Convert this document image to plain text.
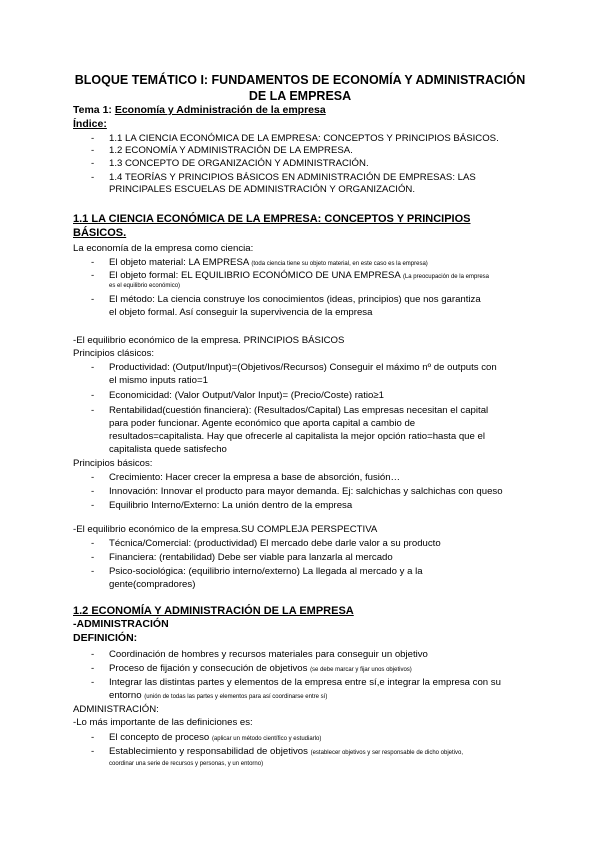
BLOQUE TEMÁTICO I: FUNDAMENTOS DE ECONOMÍA Y ADMINISTRACIÓN
DE LA EMPRESA
Tema 1: Economía y Administración de la empresa
Índice:
- 1.1 LA CIENCIA ECONÓMICA DE LA EMPRESA: CONCEPTOS Y PRINCIPIOS BÁSICOS.
- 1.2 ECONOMÍA Y ADMINISTRACIÓN DE LA EMPRESA.
- 1.3 CONCEPTO DE ORGANIZACIÓN Y ADMINISTRACIÓN.
- 1.4 TEORÍAS Y PRINCIPIOS BÁSICOS EN ADMINISTRACIÓN DE EMPRESAS: LAS
PRINCIPALES ESCUELAS DE ADMINISTRACIÓN Y ORGANIZACIÓN.
1.1 LA CIENCIA ECONÓMICA DE LA EMPRESA: CONCEPTOS Y PRINCIPIOS
BÁSICOS.
La economía de la empresa como ciencia:
- El objeto material: LA EMPRESA (toda ciencia tiene su objeto material, en este caso es la empresa)
- El objeto formal: EL EQUILIBRIO ECONÓMICO DE UNA EMPRESA (La preocupación de la empresa
es el equilibrio económico)
- El método: La ciencia construye los conocimientos (ideas, principios) que nos garantiza
el objeto formal. Así conseguir la supervivencia de la empresa
-El equilibrio económico de la empresa. PRINCIPIOS BÁSICOS
Principios clásicos:
- Productividad: (Output/Input)=(Objetivos/Recursos) Conseguir el máximo nº de outputs con
el mismo inputs ratio=1
- Economicidad: (Valor Output/Valor Input)= (Precio/Coste) ratio≥1
- Rentabilidad(cuestión financiera): (Resultados/Capital) Las empresas necesitan el capital
para poder funcionar. Agente económico que aporta capital a cambio de
resultados=capitalista. Hay que ofrecerle al capitalista la mejor opción ratio=hasta que el
capitalista quede satisfecho
Principios básicos:
- Crecimiento: Hacer crecer la empresa a base de absorción, fusión…
- Innovación: Innovar el producto para mayor demanda. Ej: salchichas y salchichas con queso
- Equilibrio Interno/Externo: La unión dentro de la empresa
-El equilibrio económico de la empresa.SU COMPLEJA PERSPECTIVA
- Técnica/Comercial: (productividad) El mercado debe darle valor a su producto
- Financiera: (rentabilidad) Debe ser viable para lanzarla al mercado
- Psico-sociológica: (equilibrio interno/externo) La llegada al mercado y a la
gente(compradores)
1.2 ECONOMÍA Y ADMINISTRACIÓN DE LA EMPRESA
-ADMINISTRACIÓN
DEFINICIÓN:
- Coordinación de hombres y recursos materiales para conseguir un objetivo
- Proceso de fijación y consecución de objetivos (se debe marcar y fijar unos objetivos)
- Integrar las distintas partes y elementos de la empresa entre sí,e integrar la empresa con su
entorno (unión de todas las partes y elementos para así coordinarse entre sí)
ADMINISTRACIÓN:
-Lo más importante de las definiciones es:
- El concepto de proceso (aplicar un método científico y estudiarlo)
- Establecimiento y responsabilidad de objetivos (establecer objetivos y ser responsable de dicho objetivo,
coordinar una serie de recursos y personas, y un entorno)
